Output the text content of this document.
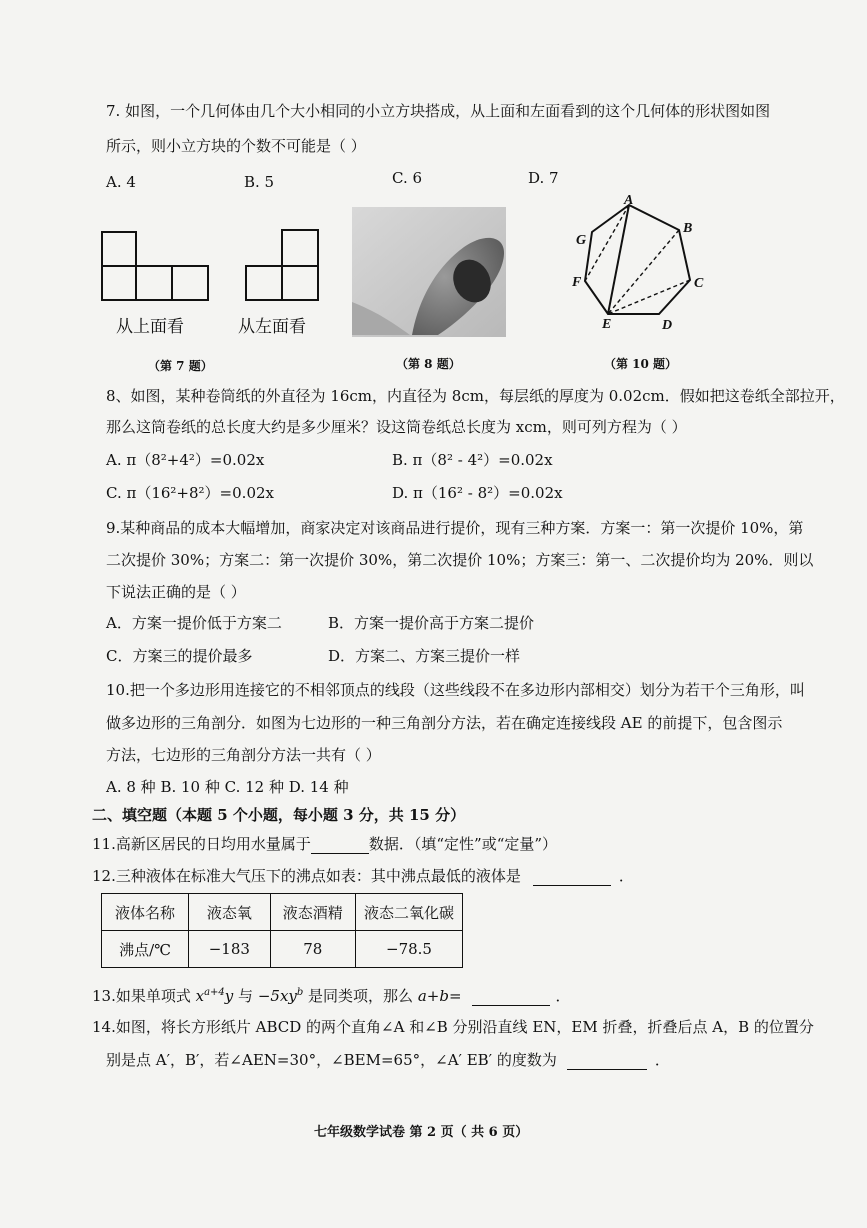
7. 如图，一个几何体由几个大小相同的小立方块搭成，从上面和左面看到的这个几何体的形状图如图
所示，则小立方块的个数不可能是（ ）
A. 4	B. 5	C. 6	D. 7
从上面看	从左面看
A
B
C
D
E
F
G
（第 7 题）	（第 8 题）	（第 10 题）
8、如图，某种卷筒纸的外直径为 16cm，内直径为 8cm，每层纸的厚度为 0.02cm．假如把这卷纸全部拉开，
那么这筒卷纸的总长度大约是多少厘米？设这筒卷纸总长度为 xcm，则可列方程为（ ）
A. π（8²+4²）=0.02x	B. π（8² - 4²）=0.02x
C. π（16²+8²）=0.02x	D. π（16² - 8²）=0.02x
9.某种商品的成本大幅增加，商家决定对该商品进行提价，现有三种方案．方案一：第一次提价 10%，第
二次提价 30%；方案二：第一次提价 30%，第二次提价 10%；方案三：第一、二次提价均为 20%．则以
下说法正确的是（ ）
A．方案一提价低于方案二	B．方案一提价高于方案二提价
C．方案三的提价最多	D．方案二、方案三提价一样
10.把一个多边形用连接它的不相邻顶点的线段（这些线段不在多边形内部相交）划分为若干个三角形，叫
做多边形的三角剖分．如图为七边形的一种三角剖分方法，若在确定连接线段 AE 的前提下，包含图示
方法，七边形的三角剖分方法一共有（ ）
A. 8 种 B. 10 种 C. 12 种 D. 14 种
二、填空题（本题 5 个小题，每小题 3 分，共 15 分）
11.高新区居民的日均用水量属于	数据．（填“定性”或“定量”）
12.三种液体在标准大气压下的沸点如表：其中沸点最低的液体是	．
液体名称	液态氧	液态酒精	液态二氧化碳
沸点/℃	−183	78	−78.5
13.如果单项式 $x^{a+4}y$ 与 $-5xy^b$ 是同类项，那么 a+b=	．
14.如图，将长方形纸片 ABCD 的两个直角∠A 和∠B 分别沿直线 EN，EM 折叠，折叠后点 A，B 的位置分
别是点 A′，B′，若∠AEN=30°，∠BEM=65°，∠A′ EB′ 的度数为	．
七年级数学试卷 第 2 页（ 共 6 页）
